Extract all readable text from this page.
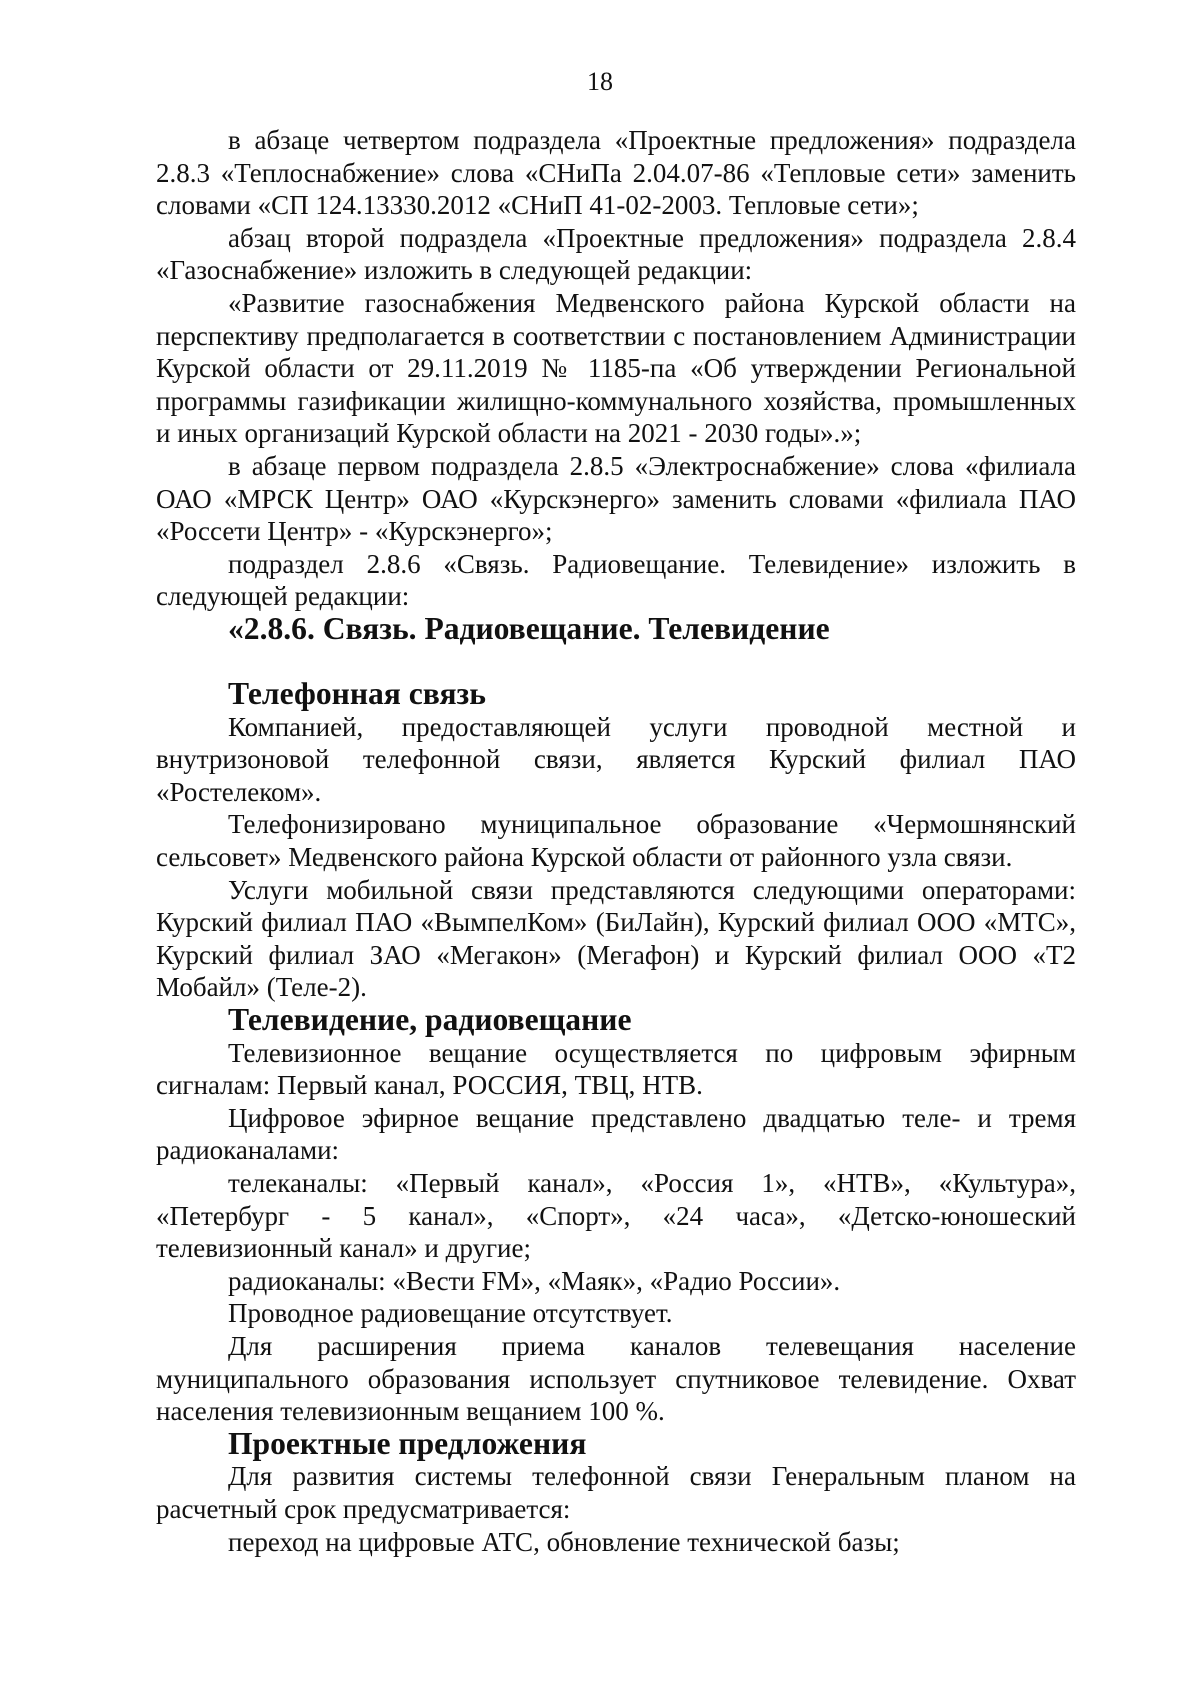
18

в абзаце четвертом подраздела «Проектные предложения» подраздела 2.8.3 «Теплоснабжение» слова «СНиПа 2.04.07-86 «Тепловые сети» заменить словами «СП 124.13330.2012 «СНиП 41-02-2003. Тепловые сети»;

абзац второй подраздела «Проектные предложения» подраздела 2.8.4 «Газоснабжение» изложить в следующей редакции:

«Развитие газоснабжения Медвенского района Курской области на перспективу предполагается в соответствии с постановлением Администрации Курской области от 29.11.2019 № 1185-па «Об утверждении Региональной программы газификации жилищно-коммунального хозяйства, промышленных и иных организаций Курской области на 2021 - 2030 годы».»;

в абзаце первом подраздела 2.8.5 «Электроснабжение» слова «филиала ОАО «МРСК Центр» ОАО «Курскэнерго» заменить словами «филиала ПАО «Россети Центр» - «Курскэнерго»;

подраздел 2.8.6 «Связь. Радиовещание. Телевидение» изложить в следующей редакции:

«2.8.6. Связь. Радиовещание. Телевидение
Телефонная связь

Компанией, предоставляющей услуги проводной местной и внутризоновой телефонной связи, является Курский филиал ПАО «Ростелеком».

Телефонизировано муниципальное образование «Чермошнянский сельсовет» Медвенского района Курской области от районного узла связи.

Услуги мобильной связи представляются следующими операторами: Курский филиал ПАО «ВымпелКом» (БиЛайн), Курский филиал ООО «МТС», Курский филиал ЗАО «Мегакон» (Мегафон) и Курский филиал ООО «Т2 Мобайл» (Теле-2).

Телевидение, радиовещание

Телевизионное вещание осуществляется по цифровым эфирным сигналам: Первый канал, РОССИЯ, ТВЦ, НТВ.

Цифровое эфирное вещание представлено двадцатью теле- и тремя радиоканалами:

телеканалы: «Первый канал», «Россия 1», «НТВ», «Культура», «Петербург - 5 канал», «Спорт», «24 часа», «Детско-юношеский телевизионный канал» и другие;

радиоканалы: «Вести FM», «Маяк», «Радио России».

Проводное радиовещание отсутствует.

Для расширения приема каналов телевещания население муниципального образования использует спутниковое телевидение. Охват населения телевизионным вещанием 100 %.

Проектные предложения

Для развития системы телефонной связи Генеральным планом на расчетный срок предусматривается:

переход на цифровые АТС, обновление технической базы;
